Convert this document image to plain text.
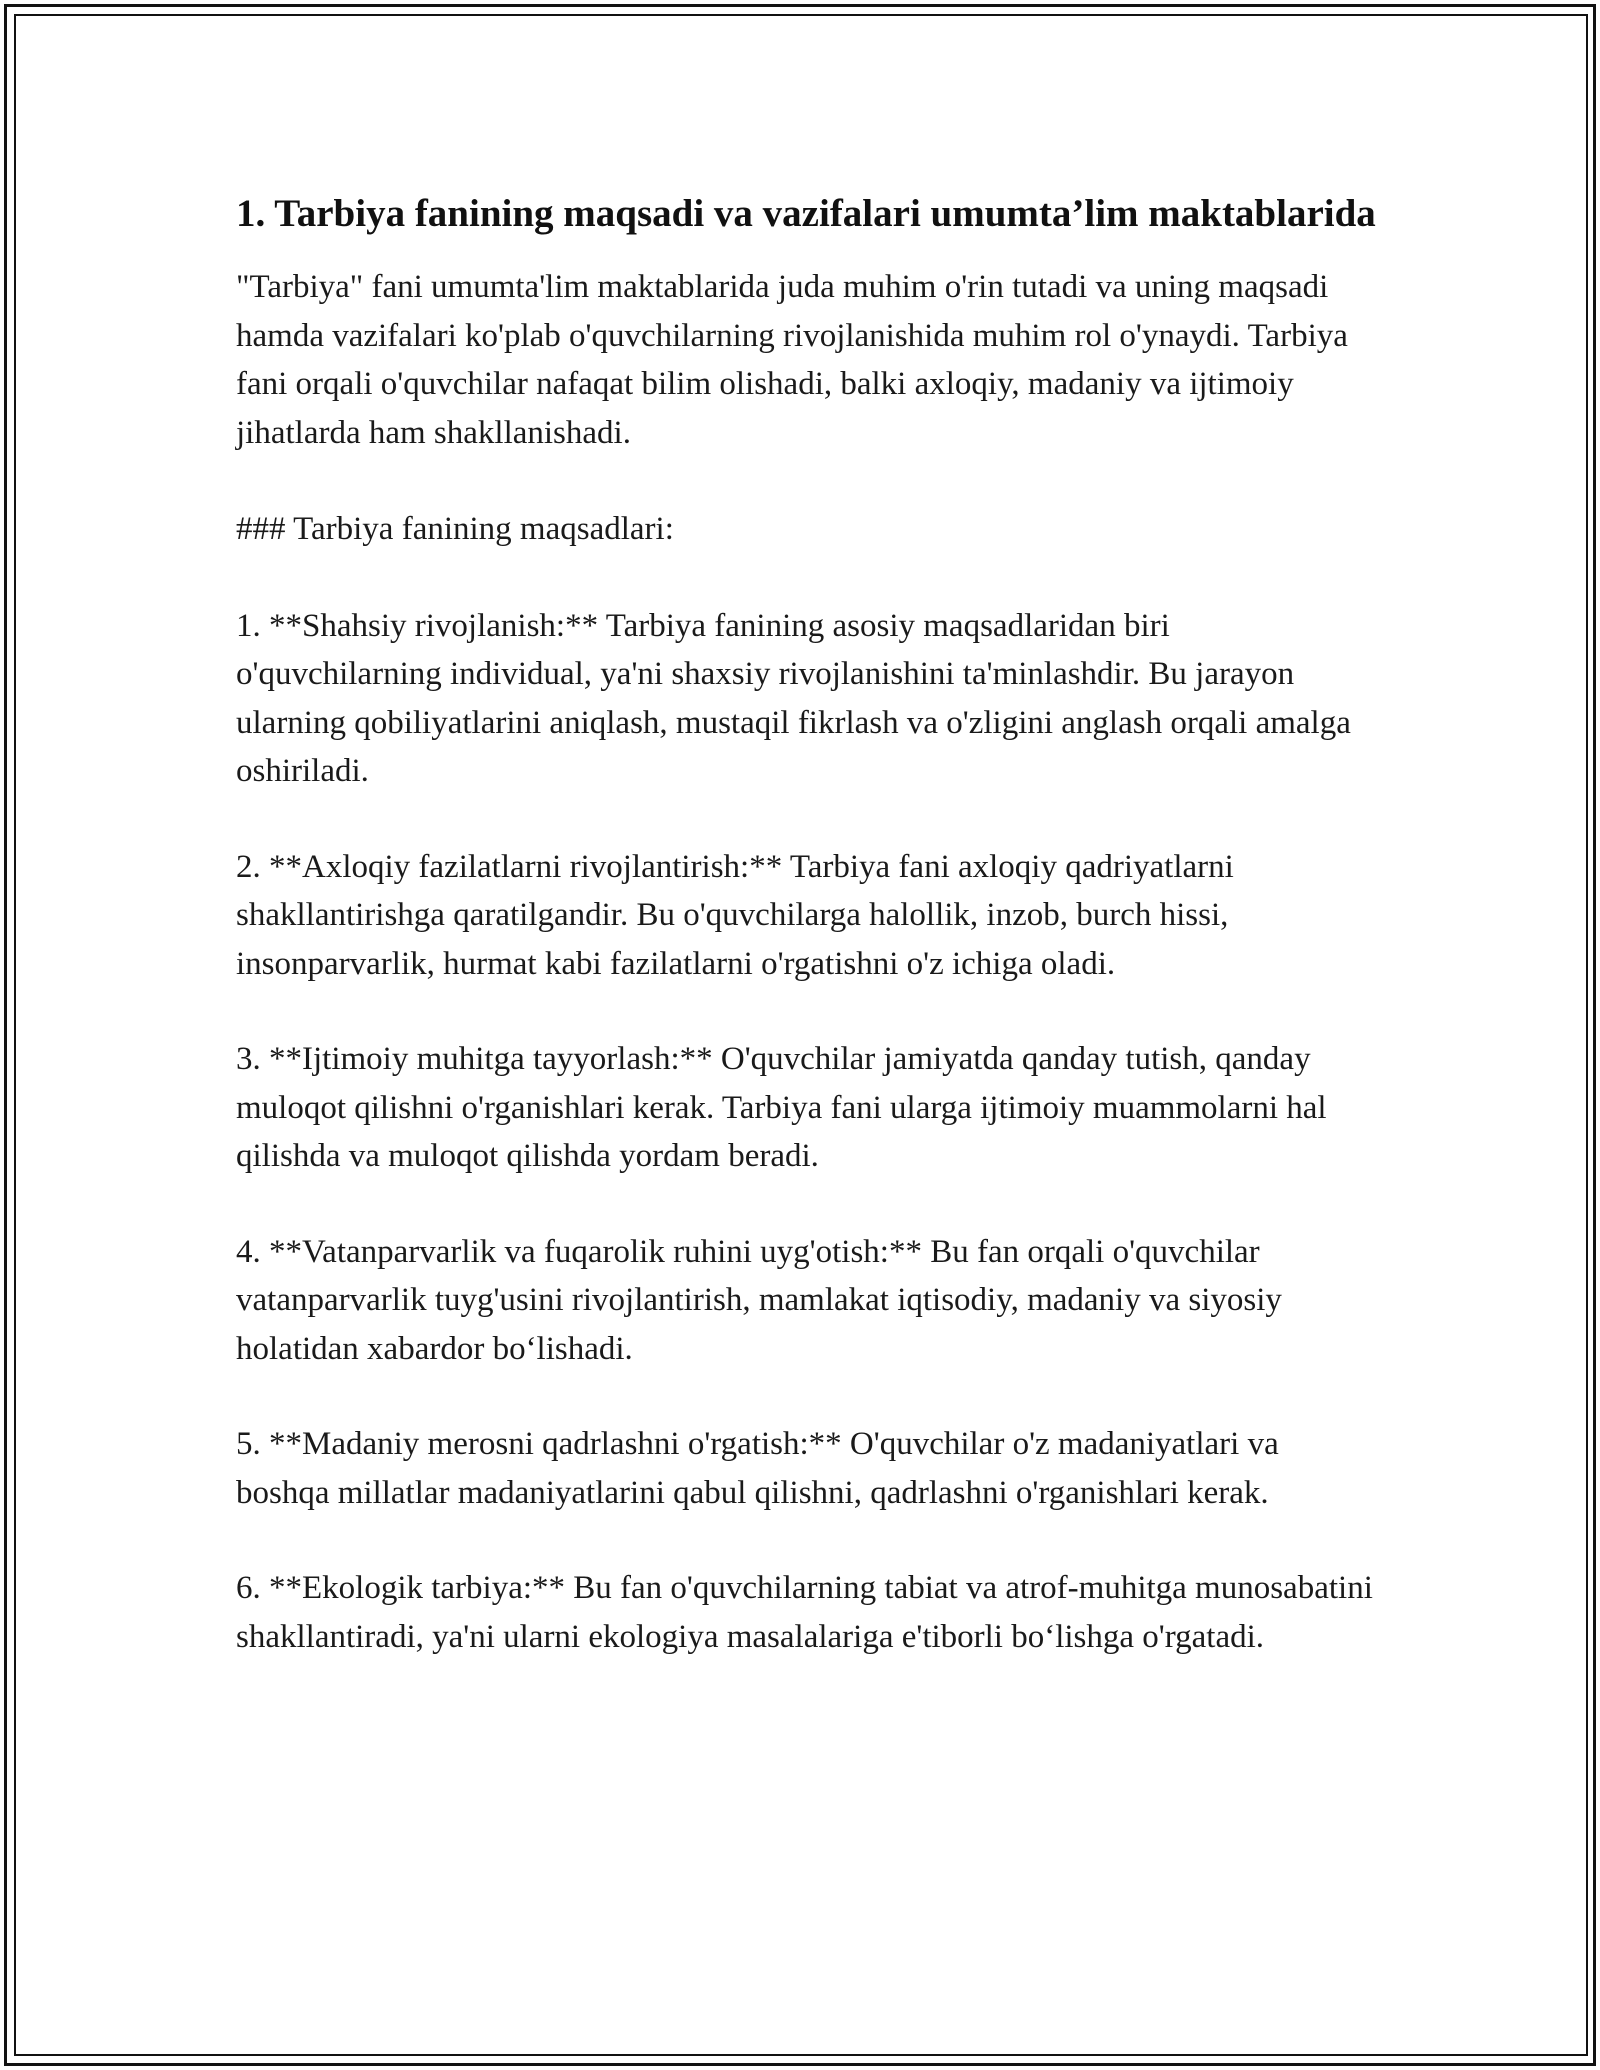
1. Tarbiya fanining maqsadi va vazifalari umumta’lim maktablarida

"Tarbiya" fani umumta'lim maktablarida juda muhim o'rin tutadi va uning maqsadi hamda vazifalari ko'plab o'quvchilarning rivojlanishida muhim rol o'ynaydi. Tarbiya fani orqali o'quvchilar nafaqat bilim olishadi, balki axloqiy, madaniy va ijtimoiy jihatlarda ham shakllanishadi.

### Tarbiya fanining maqsadlari:

1. **Shahsiy rivojlanish:** Tarbiya fanining asosiy maqsadlaridan biri o'quvchilarning individual, ya'ni shaxsiy rivojlanishini ta'minlashdir. Bu jarayon ularning qobiliyatlarini aniqlash, mustaqil fikrlash va o'zligini anglash orqali amalga oshiriladi.

2. **Axloqiy fazilatlarni rivojlantirish:** Tarbiya fani axloqiy qadriyatlarni shakllantirishga qaratilgandir. Bu o'quvchilarga halollik, inzob, burch hissi, insonparvarlik, hurmat kabi fazilatlarni o'rgatishni o'z ichiga oladi.

3. **Ijtimoiy muhitga tayyorlash:** O'quvchilar jamiyatda qanday tutish, qanday muloqot qilishni o'rganishlari kerak. Tarbiya fani ularga ijtimoiy muammolarni hal qilishda va muloqot qilishda yordam beradi.

4. **Vatanparvarlik va fuqarolik ruhini uyg'otish:** Bu fan orqali o'quvchilar vatanparvarlik tuyg'usini rivojlantirish, mamlakat iqtisodiy, madaniy va siyosiy holatidan xabardor bo‘lishadi.

5. **Madaniy merosni qadrlashni o'rgatish:** O'quvchilar o'z madaniyatlari va boshqa millatlar madaniyatlarini qabul qilishni, qadrlashni o'rganishlari kerak.

6. **Ekologik tarbiya:** Bu fan o'quvchilarning tabiat va atrof-muhitga munosabatini shakllantiradi, ya'ni ularni ekologiya masalalariga e'tiborli bo‘lishga o'rgatadi.
